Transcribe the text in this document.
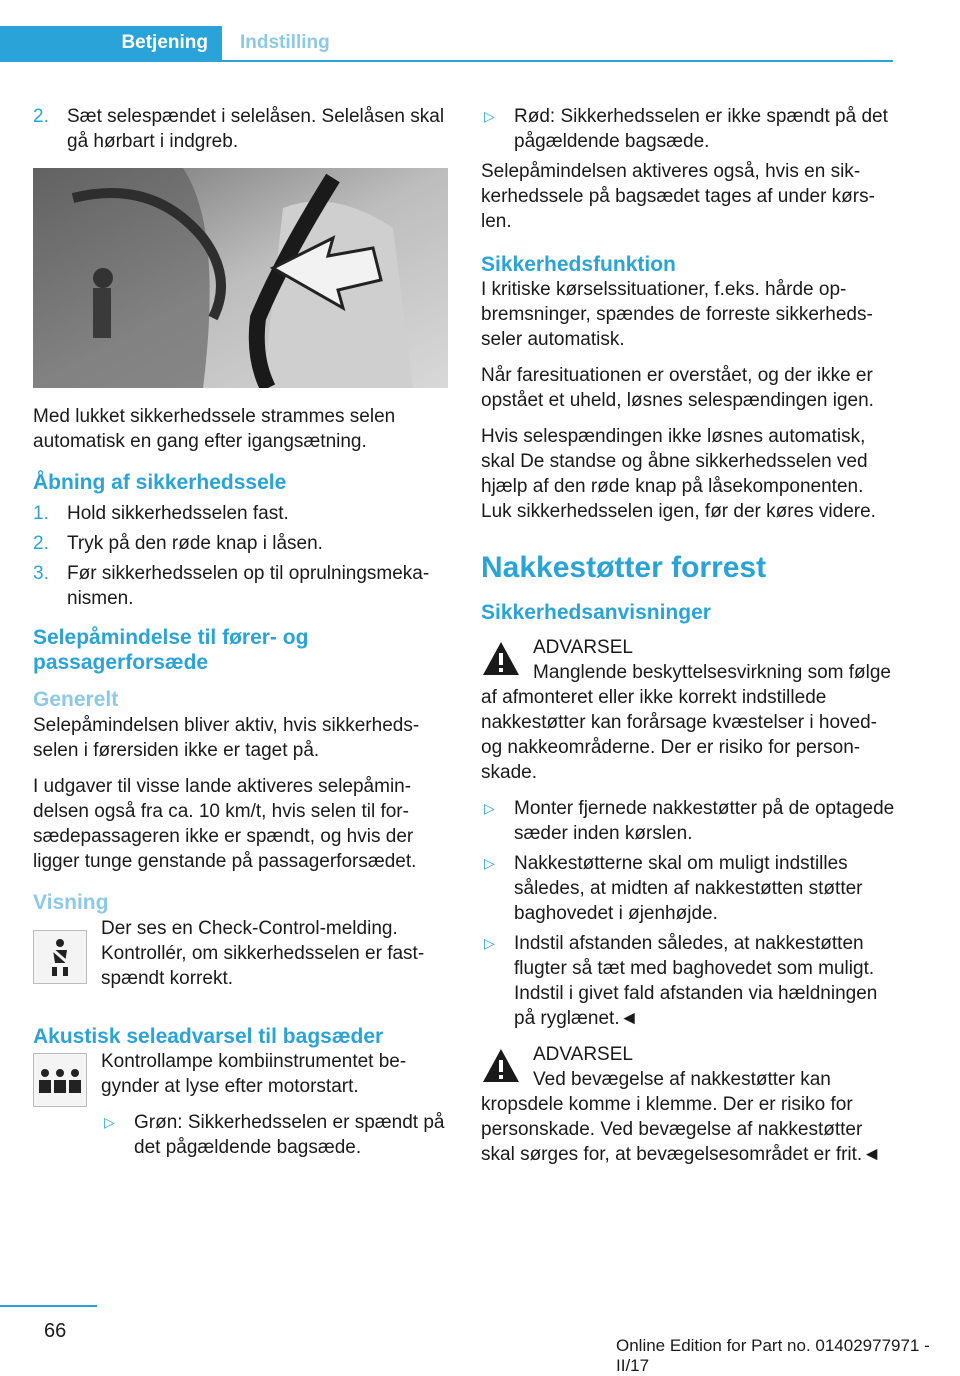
Betjening	Indstilling
2. Sæt selespændet i selelåsen. Selelåsen skal gå hørbart i indgreb.

Med lukket sikkerhedssele strammes selen automatisk en gang efter igangsætning.

Åbning af sikkerhedssele
1. Hold sikkerhedsselen fast.
2. Tryk på den røde knap i låsen.
3. Før sikkerhedsselen op til oprulningsmekanismen.
Selepåmindelse til fører- og passagerforsæde
Generelt

Selepåmindelsen bliver aktiv, hvis sikkerhedsselen i førersiden ikke er taget på.

I udgaver til visse lande aktiveres selepåmindelsen også fra ca. 10 km/t, hvis selen til forsædepassageren ikke er spændt, og hvis der ligger tunge genstande på passagerforsædet.

Visning

Der ses en Check-Control-melding. Kontrollér, om sikkerhedsselen er fastspændt korrekt.

Akustisk seleadvarsel til bagsæder

Kontrollampe kombiinstrumentet begynder at lyse efter motorstart.

▷	Grøn: Sikkerhedsselen er spændt på det pågældende bagsæde.
▷	Rød: Sikkerhedsselen er ikke spændt på det pågældende bagsæde.

Selepåmindelsen aktiveres også, hvis en sikkerhedssele på bagsædet tages af under kørslen.

Sikkerhedsfunktion

I kritiske kørselssituationer, f.eks. hårde opbremsninger, spændes de forreste sikkerhedsseler automatisk.

Når faresituationen er overstået, og der ikke er opstået et uheld, løsnes selespændingen igen.

Hvis selespændingen ikke løsnes automatisk, skal De standse og åbne sikkerhedsselen ved hjælp af den røde knap på låsekomponenten. Luk sikkerhedsselen igen, før der køres videre.

Nakkestøtter forrest
Sikkerhedsanvisninger
ADVARSEL
Manglende beskyttelsesvirkning som følge af afmonteret eller ikke korrekt indstillede nakkestøtter kan forårsage kvæstelser i hoved- og nakkeområderne. Der er risiko for personskade.
▷	Monter fjernede nakkestøtter på de optagede sæder inden kørslen.
▷	Nakkestøtterne skal om muligt indstilles således, at midten af nakkestøtten støtter baghovedet i øjenhøjde.
▷	Indstil afstanden således, at nakkestøtten flugter så tæt med baghovedet som muligt. Indstil i givet fald afstanden via hældningen på ryglænet.◄
ADVARSEL
Ved bevægelse af nakkestøtter kan kropsdele komme i klemme. Der er risiko for personskade. Ved bevægelse af nakkestøtter skal sørges for, at bevægelsesområdet er frit.◄
66
Online Edition for Part no. 01402977971 - II/17
